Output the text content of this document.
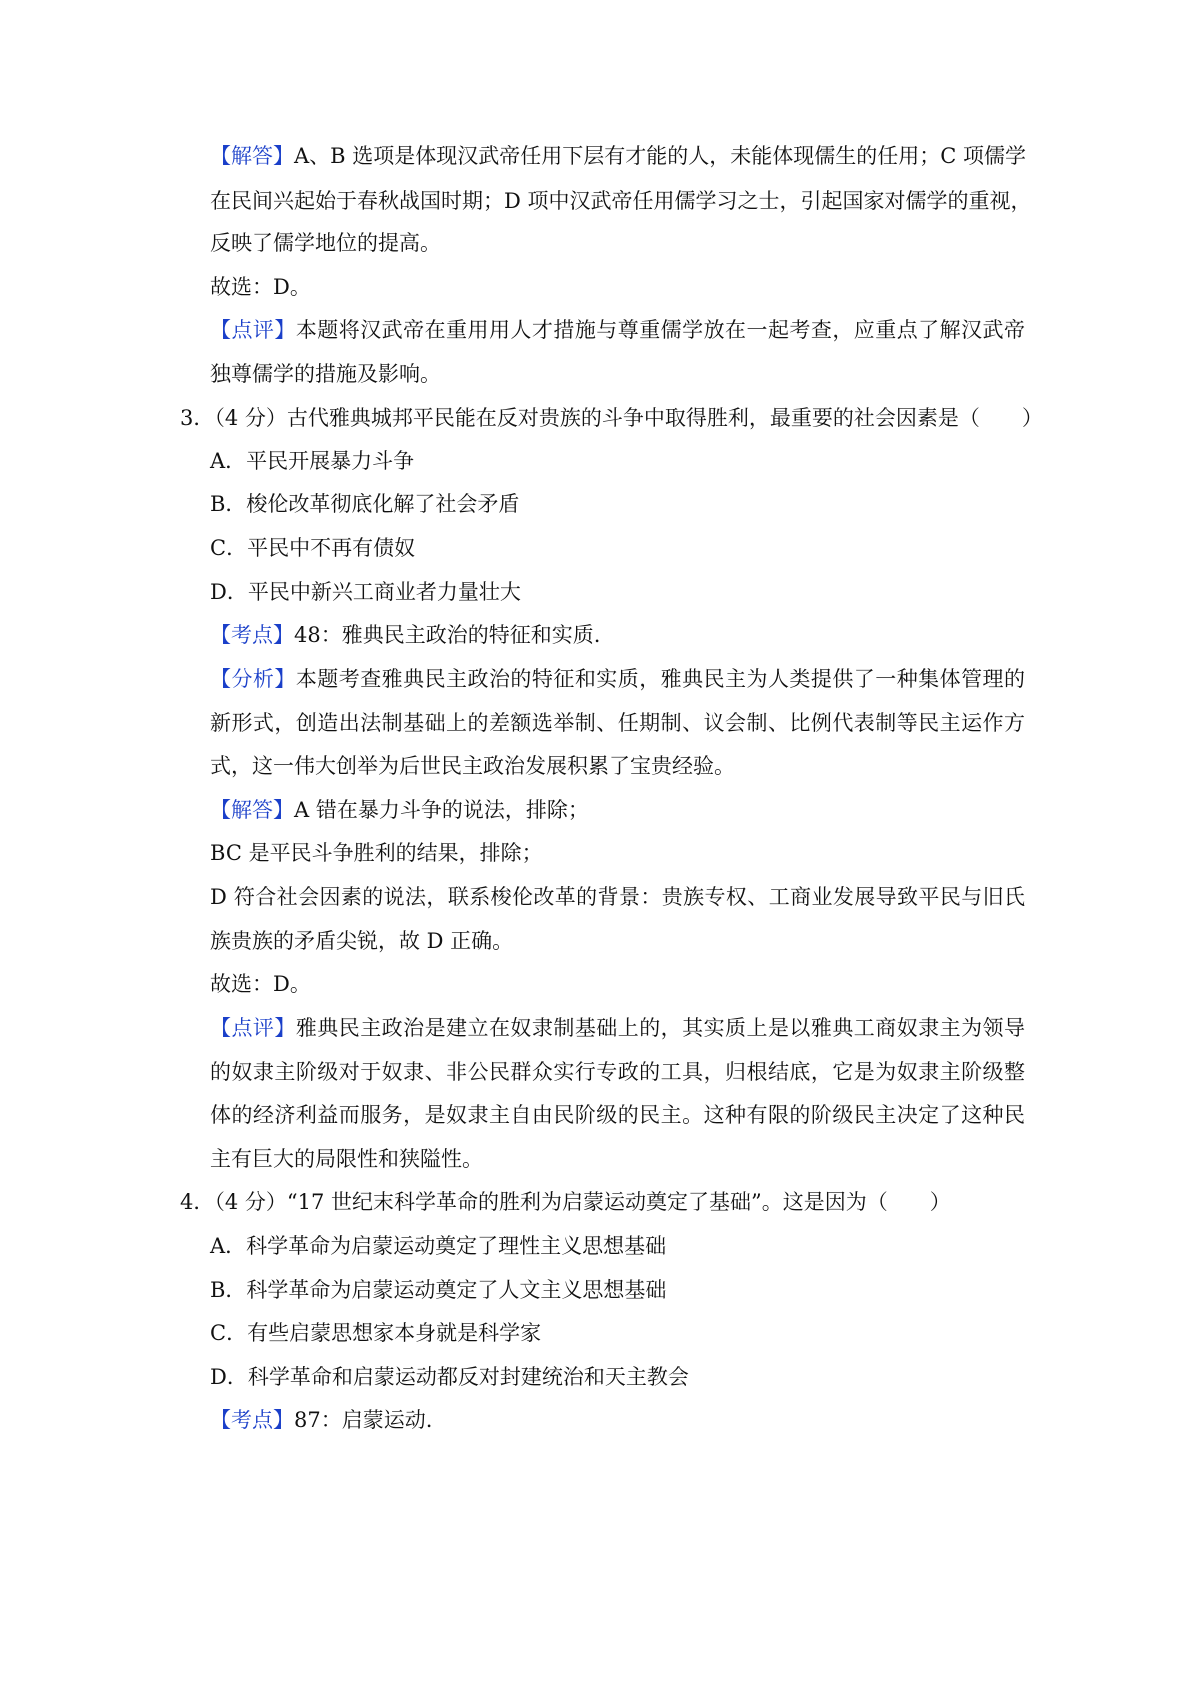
【解答】A、B 选项是体现汉武帝任用下层有才能的人，未能体现儒生的任用；C 项儒学
在民间兴起始于春秋战国时期；D 项中汉武帝任用儒学习之士，引起国家对儒学的重视，
反映了儒学地位的提高。
故选：D。
【点评】本题将汉武帝在重用用人才措施与尊重儒学放在一起考查，应重点了解汉武帝
独尊儒学的措施及影响。
3．（4 分）古代雅典城邦平民能在反对贵族的斗争中取得胜利，最重要的社会因素是（　　）
A．平民开展暴力斗争
B．梭伦改革彻底化解了社会矛盾
C．平民中不再有债奴
D．平民中新兴工商业者力量壮大
【考点】48：雅典民主政治的特征和实质.
【分析】本题考查雅典民主政治的特征和实质，雅典民主为人类提供了一种集体管理的
新形式，创造出法制基础上的差额选举制、任期制、议会制、比例代表制等民主运作方
式，这一伟大创举为后世民主政治发展积累了宝贵经验。
【解答】A 错在暴力斗争的说法，排除；
BC 是平民斗争胜利的结果，排除；
D 符合社会因素的说法，联系梭伦改革的背景：贵族专权、工商业发展导致平民与旧氏
族贵族的矛盾尖锐，故 D 正确。
故选：D。
【点评】雅典民主政治是建立在奴隶制基础上的，其实质上是以雅典工商奴隶主为领导
的奴隶主阶级对于奴隶、非公民群众实行专政的工具，归根结底，它是为奴隶主阶级整
体的经济利益而服务，是奴隶主自由民阶级的民主。这种有限的阶级民主决定了这种民
主有巨大的局限性和狭隘性。
4．（4 分）“17 世纪末科学革命的胜利为启蒙运动奠定了基础”。这是因为（　　）
A．科学革命为启蒙运动奠定了理性主义思想基础
B．科学革命为启蒙运动奠定了人文主义思想基础
C．有些启蒙思想家本身就是科学家
D．科学革命和启蒙运动都反对封建统治和天主教会
【考点】87：启蒙运动.
